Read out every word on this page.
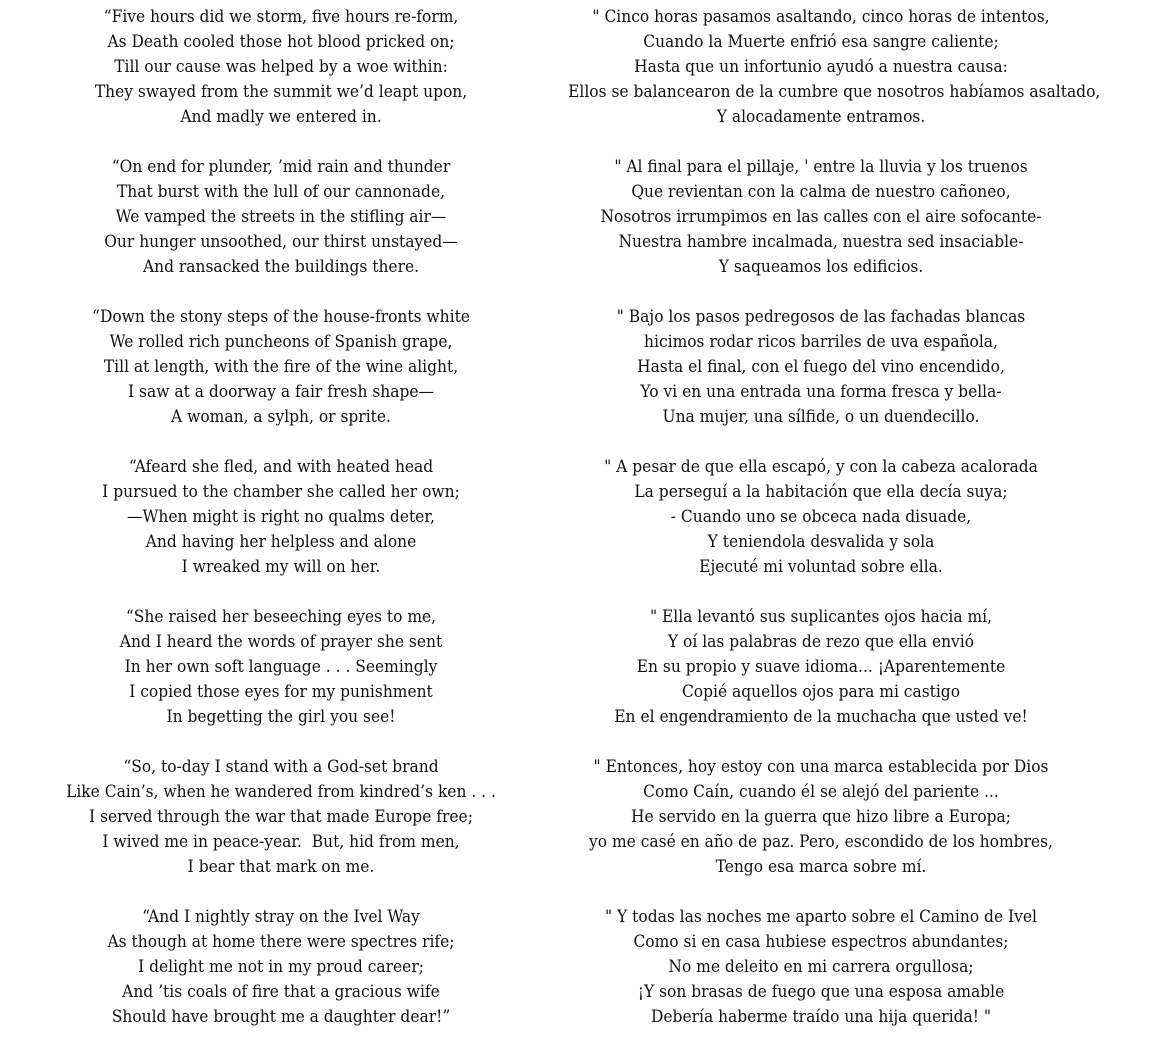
“Five hours did we storm, five hours re-form,
As Death cooled those hot blood pricked on;
Till our cause was helped by a woe within:
They swayed from the summit we’d leapt upon,
And madly we entered in.
“On end for plunder, ’mid rain and thunder
That burst with the lull of our cannonade,
We vamped the streets in the stifling air—
Our hunger unsoothed, our thirst unstayed—
And ransacked the buildings there.
“Down the stony steps of the house-fronts white
We rolled rich puncheons of Spanish grape,
Till at length, with the fire of the wine alight,
I saw at a doorway a fair fresh shape—
A woman, a sylph, or sprite.
“Afeard she fled, and with heated head
I pursued to the chamber she called her own;
—When might is right no qualms deter,
And having her helpless and alone
I wreaked my will on her.
“She raised her beseeching eyes to me,
And I heard the words of prayer she sent
In her own soft language . . . Seemingly
I copied those eyes for my punishment
In begetting the girl you see!
“So, to-day I stand with a God-set brand
Like Cain’s, when he wandered from kindred’s ken . . .
I served through the war that made Europe free;
I wived me in peace-year.  But, hid from men,
I bear that mark on me.
“And I nightly stray on the Ivel Way
As though at home there were spectres rife;
I delight me not in my proud career;
And ’tis coals of fire that a gracious wife
Should have brought me a daughter dear!”
" Cinco horas pasamos asaltando, cinco horas de intentos,
Cuando la Muerte enfrió esa sangre caliente;
Hasta que un infortunio ayudó a nuestra causa:
Ellos se balancearon de la cumbre que nosotros habíamos asaltado,
Y alocadamente entramos.
" Al final para el pillaje, ' entre la lluvia y los truenos
Que revientan con la calma de nuestro cañoneo,
Nosotros irrumpimos en las calles con el aire sofocante-
Nuestra hambre incalmada, nuestra sed insaciable-
Y saqueamos los edificios.
" Bajo los pasos pedregosos de las fachadas blancas
hicimos rodar ricos barriles de uva española,
Hasta el final, con el fuego del vino encendido,
Yo vi en una entrada una forma fresca y bella-
Una mujer, una sílfide, o un duendecillo.
" A pesar de que ella escapó, y con la cabeza acalorada
La perseguí a la habitación que ella decía suya;
- Cuando uno se obceca nada disuade,
Y teniendola desvalida y sola
Ejecuté mi voluntad sobre ella.
" Ella levantó sus suplicantes ojos hacia mí,
Y oí las palabras de rezo que ella envió
En su propio y suave idioma... ¡Aparentemente
Copié aquellos ojos para mi castigo
En el engendramiento de la muchacha que usted ve!
" Entonces, hoy estoy con una marca establecida por Dios
Como Caín, cuando él se alejó del pariente ...
He servido en la guerra que hizo libre a Europa;
yo me casé en año de paz. Pero, escondido de los hombres,
Tengo esa marca sobre mí.
" Y todas las noches me aparto sobre el Camino de Ivel
Como si en casa hubiese espectros abundantes;
No me deleito en mi carrera orgullosa;
¡Y son brasas de fuego que una esposa amable
Debería haberme traído una hija querida! "
